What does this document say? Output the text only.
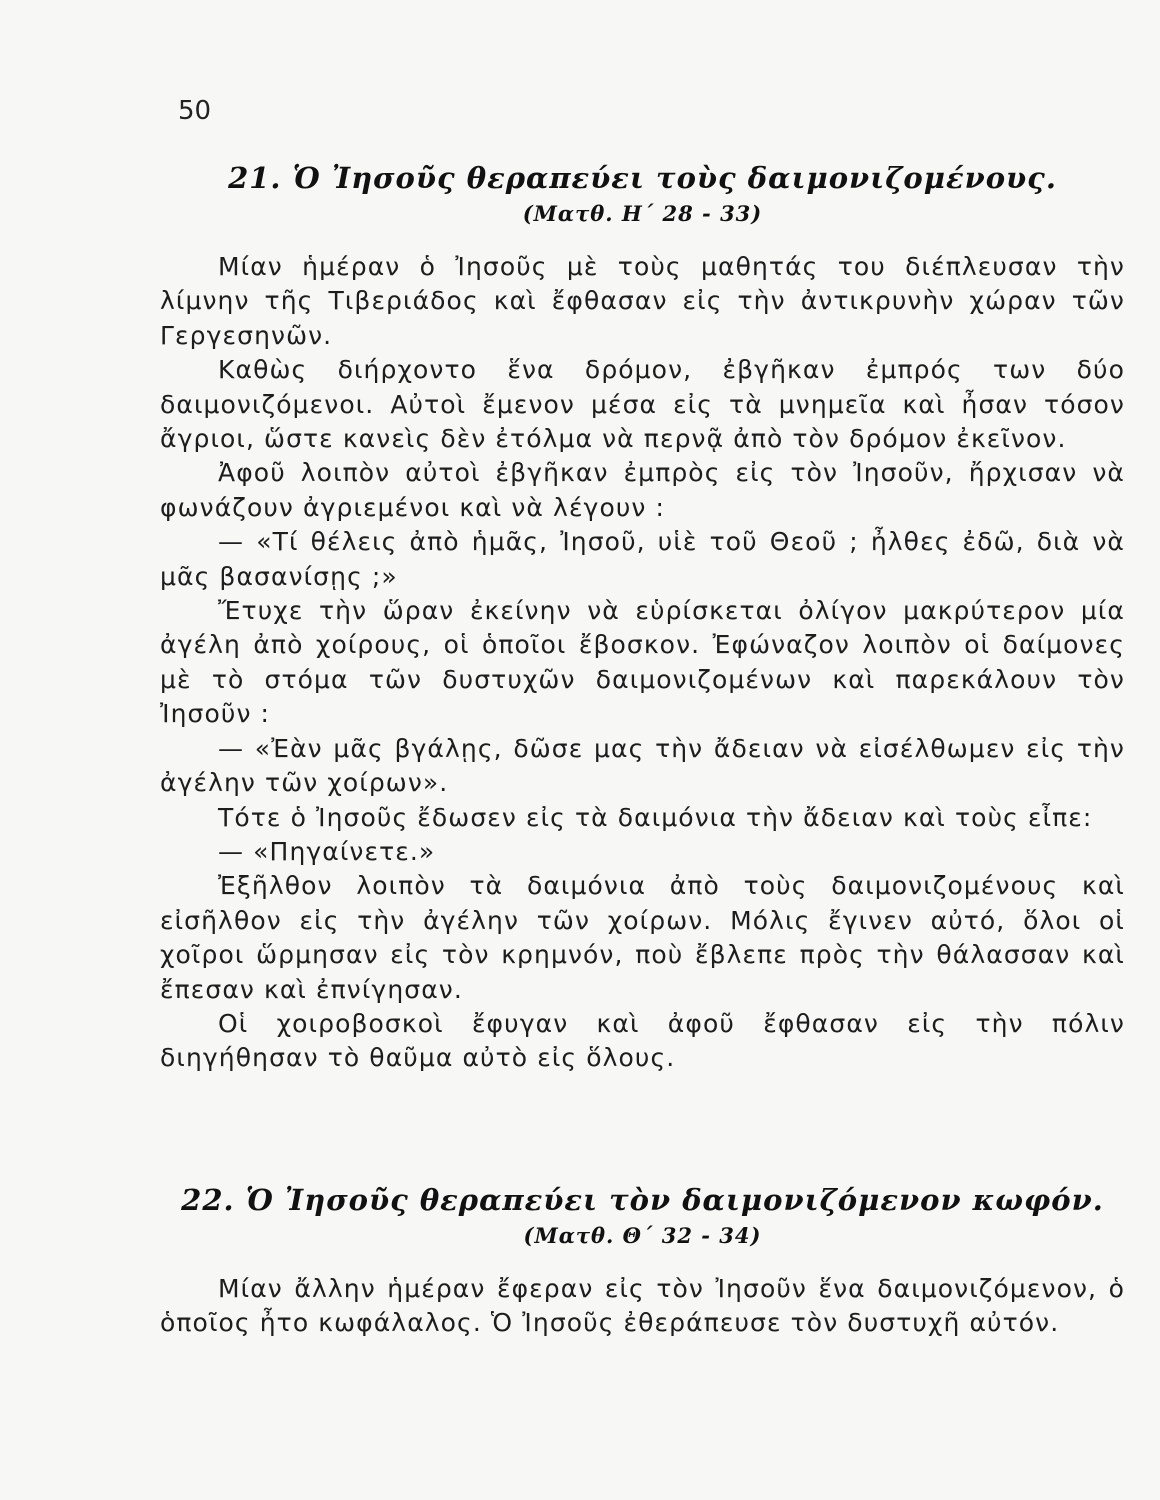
50
21. Ὁ Ἰησοῦς θεραπεύει τοὺς δαιμονιζομένους.
(Ματθ. Η΄ 28 - 33)

Μίαν ἡμέραν ὁ Ἰησοῦς μὲ τοὺς μαθητάς του διέπλευσαν τὴν λίμνην τῆς Τιβεριάδος καὶ ἔφθασαν εἰς τὴν ἀντικρυνὴν χώραν τῶν Γεργεσηνῶν.

Καθὼς διήρχοντο ἕνα δρόμον, ἐβγῆκαν ἐμπρός των δύο δαιμονιζόμενοι. Αὐτοὶ ἔμενον μέσα εἰς τὰ μνημεῖα καὶ ἦσαν τόσον ἄγριοι, ὥστε κανεὶς δὲν ἐτόλμα νὰ περνᾷ ἀπὸ τὸν δρόμον ἐκεῖνον.

Ἀφοῦ λοιπὸν αὐτοὶ ἐβγῆκαν ἐμπρὸς εἰς τὸν Ἰησοῦν, ἤρχισαν νὰ φωνάζουν ἀγριεμένοι καὶ νὰ λέγουν :

— «Τί θέλεις ἀπὸ ἡμᾶς, Ἰησοῦ, υἱὲ τοῦ Θεοῦ ; ἦλθες ἐδῶ, διὰ νὰ μᾶς βασανίσῃς ;»

Ἔτυχε τὴν ὥραν ἐκείνην νὰ εὑρίσκεται ὀλίγον μακρύτερον μία ἀγέλη ἀπὸ χοίρους, οἱ ὁποῖοι ἔβοσκον. Ἐφώναζον λοιπὸν οἱ δαίμονες μὲ τὸ στόμα τῶν δυστυχῶν δαιμονιζομένων καὶ παρεκάλουν τὸν Ἰησοῦν :

— «Ἐὰν μᾶς βγάλῃς, δῶσε μας τὴν ἄδειαν νὰ εἰσέλθωμεν εἰς τὴν ἀγέλην τῶν χοίρων».

Τότε ὁ Ἰησοῦς ἔδωσεν εἰς τὰ δαιμόνια τὴν ἄδειαν καὶ τοὺς εἶπε:

— «Πηγαίνετε.»

Ἐξῆλθον λοιπὸν τὰ δαιμόνια ἀπὸ τοὺς δαιμονιζομένους καὶ εἰσῆλθον εἰς τὴν ἀγέλην τῶν χοίρων. Μόλις ἔγινεν αὐτό, ὅλοι οἱ χοῖροι ὥρμησαν εἰς τὸν κρημνόν, ποὺ ἔβλεπε πρὸς τὴν θάλασσαν καὶ ἔπεσαν καὶ ἐπνίγησαν.

Οἱ χοιροβοσκοὶ ἔφυγαν καὶ ἀφοῦ ἔφθασαν εἰς τὴν πόλιν διηγήθησαν τὸ θαῦμα αὐτὸ εἰς ὅλους.

22. Ὁ Ἰησοῦς θεραπεύει τὸν δαιμονιζόμενον κωφόν.
(Ματθ. Θ΄ 32 - 34)

Μίαν ἄλλην ἡμέραν ἔφεραν εἰς τὸν Ἰησοῦν ἕνα δαιμονιζόμενον, ὁ ὁποῖος ἦτο κωφάλαλος. Ὁ Ἰησοῦς ἐθεράπευσε τὸν δυστυχῆ αὐτόν.
